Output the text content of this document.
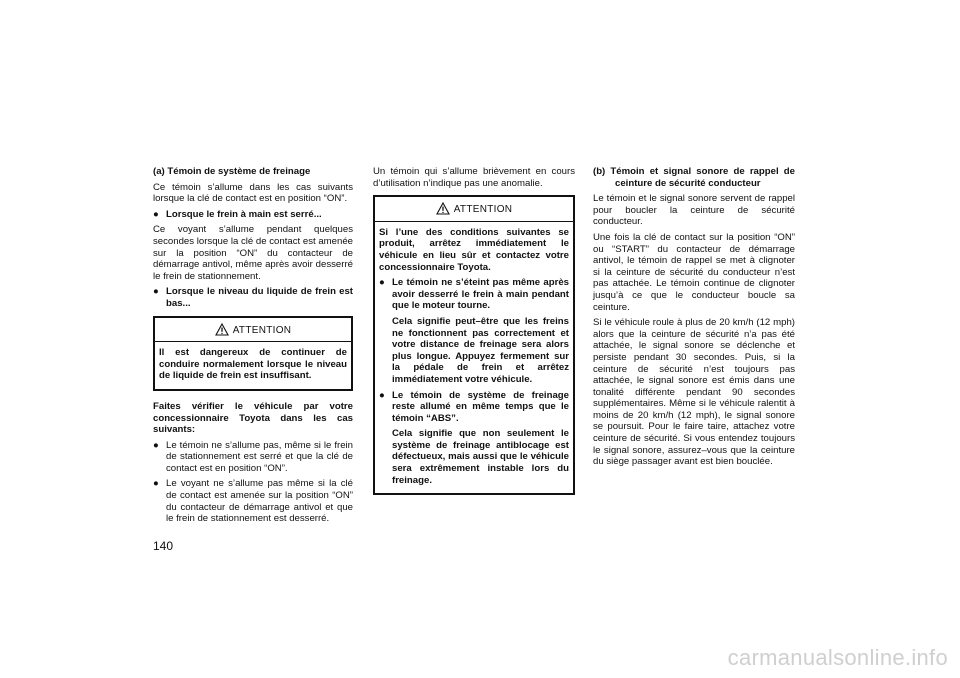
(a) Témoin de système de freinage

Ce témoin s’allume dans les cas suivants lorsque la clé de contact est en position “ON”.

● Lorsque le frein à main est serré...

Ce voyant s’allume pendant quelques secondes lorsque la clé de contact est amenée sur la position “ON” du contacteur de démarrage antivol, même après avoir desserré le frein de stationnement.

● Lorsque le niveau du liquide de frein est bas...
ATTENTION

Il est dangereux de continuer de conduire normalement lorsque le niveau de liquide de frein est insuffisant.

Faites vérifier le véhicule par votre concessionnaire Toyota dans les cas suivants:

● Le témoin ne s’allume pas, même si le frein de stationnement est serré et que la clé de contact est en position “ON”.
● Le voyant ne s’allume pas même si la clé de contact est amenée sur la position “ON” du contacteur de démarrage antivol et que le frein de stationnement est desserré.

Un témoin qui s’allume brièvement en cours d’utilisation n’indique pas une anomalie.

ATTENTION

Si l’une des conditions suivantes se produit, arrêtez immédiatement le véhicule en lieu sûr et contactez votre concessionnaire Toyota.

● Le témoin ne s’éteint pas même après avoir desserré le frein à main pendant que le moteur tourne.

Cela signifie peut–être que les freins ne fonctionnent pas correctement et votre distance de freinage sera alors plus longue. Appuyez fermement sur la pédale de frein et arrêtez immédiatement votre véhicule.

● Le témoin de système de freinage reste allumé en même temps que le témoin “ABS”.

Cela signifie que non seulement le système de freinage antiblocage est défectueux, mais aussi que le véhicule sera extrêmement instable lors du freinage.

(b) Témoin et signal sonore de rappel de ceinture de sécurité conducteur

Le témoin et le signal sonore servent de rappel pour boucler la ceinture de sécurité conducteur.

Une fois la clé de contact sur la position “ON” ou “START” du contacteur de démarrage antivol, le témoin de rappel se met à clignoter si la ceinture de sécurité du conducteur n’est pas attachée. Le témoin continue de clignoter jusqu’à ce que le conducteur boucle sa ceinture.

Si le véhicule roule à plus de 20 km/h (12 mph) alors que la ceinture de sécurité n’a pas été attachée, le signal sonore se déclenche et persiste pendant 30 secondes. Puis, si la ceinture de sécurité n’est toujours pas attachée, le signal sonore est émis dans une tonalité différente pendant 90 secondes supplémentaires. Même si le véhicule ralentit à moins de 20 km/h (12 mph), le signal sonore se poursuit. Pour le faire taire, attachez votre ceinture de sécurité. Si vous entendez toujours le signal sonore, assurez–vous que la ceinture du siège passager avant est bien bouclée.

140
carmanualsonline.info
